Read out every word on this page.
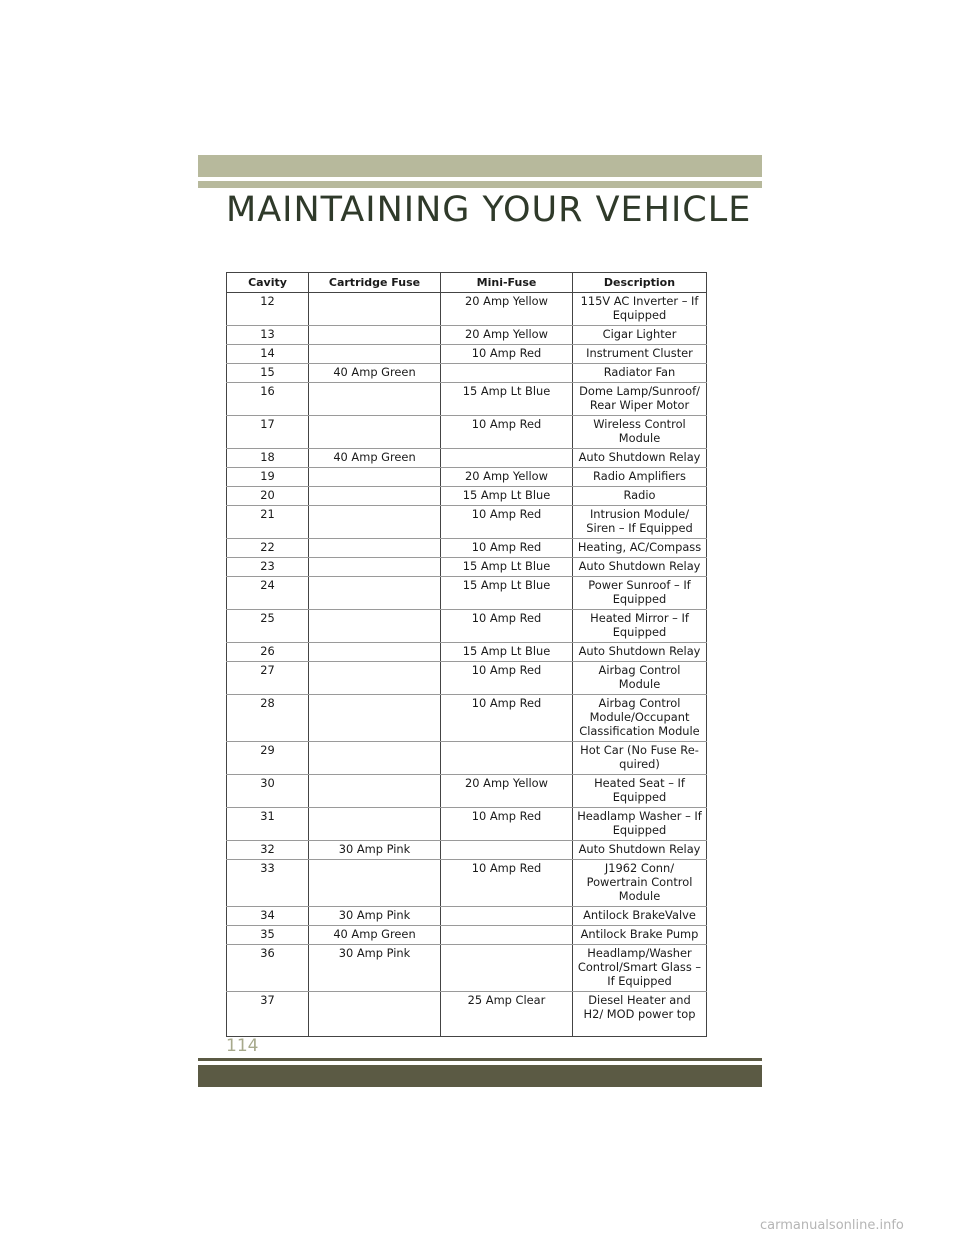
MAINTAINING YOUR VEHICLE
Cavity	Cartridge Fuse	Mini-Fuse	Description
12		20 Amp Yellow	115V AC Inverter – If Equipped
13		20 Amp Yellow	Cigar Lighter
14		10 Amp Red	Instrument Cluster
15	40 Amp Green		Radiator Fan
16		15 Amp Lt Blue	Dome Lamp/Sunroof/ Rear Wiper Motor
17		10 Amp Red	Wireless Control Module
18	40 Amp Green		Auto Shutdown Relay
19		20 Amp Yellow	Radio Amplifiers
20		15 Amp Lt Blue	Radio
21		10 Amp Red	Intrusion Module/ Siren – If Equipped
22		10 Amp Red	Heating, AC/Compass
23		15 Amp Lt Blue	Auto Shutdown Relay
24		15 Amp Lt Blue	Power Sunroof – If Equipped
25		10 Amp Red	Heated Mirror – If Equipped
26		15 Amp Lt Blue	Auto Shutdown Relay
27		10 Amp Red	Airbag Control Module
28		10 Amp Red	Airbag Control Module/Occupant Classification Module
29			Hot Car (No Fuse Re- quired)
30		20 Amp Yellow	Heated Seat – If Equipped
31		10 Amp Red	Headlamp Washer – If Equipped
32	30 Amp Pink		Auto Shutdown Relay
33		10 Amp Red	J1962 Conn/ Powertrain Control Module
34	30 Amp Pink		Antilock BrakeValve
35	40 Amp Green		Antilock Brake Pump
36	30 Amp Pink		Headlamp/Washer Control/Smart Glass – If Equipped
37		25 Amp Clear	Diesel Heater and H2/ MOD power top
114
carmanualsonline.info
